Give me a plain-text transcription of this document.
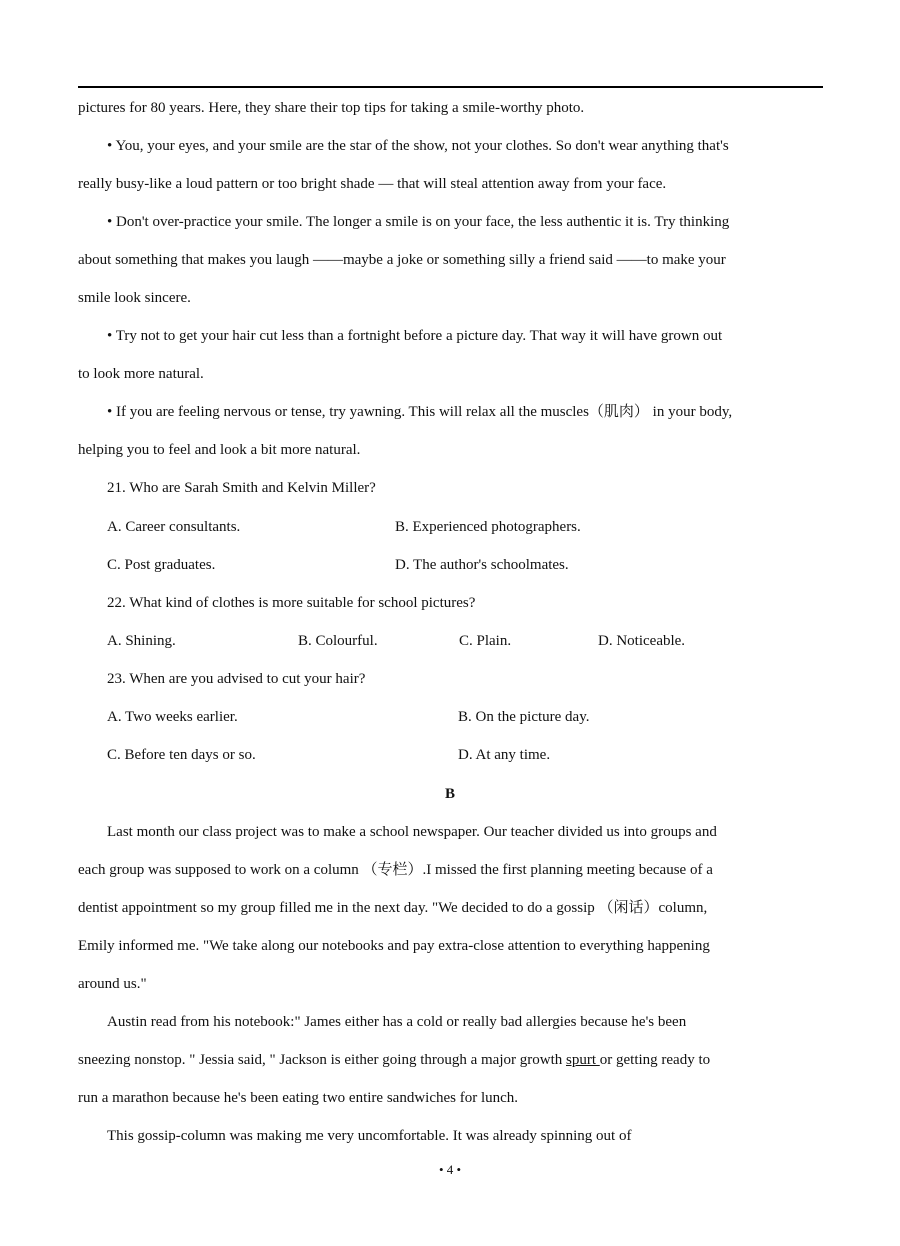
pictures for 80 years. Here, they share their top tips for taking a smile-worthy photo.
• You, your eyes, and your smile are the star of the show, not your clothes. So don't wear anything that's
really busy-like a loud pattern or too bright shade — that will steal attention away from your face.
• Don't over-practice your smile. The longer a smile is on your face, the less authentic it is. Try thinking
about something that makes you laugh ——maybe a joke or something silly a friend said ——to make your
smile look sincere.
• Try not to get your hair cut less than a fortnight before a picture day. That way it will have grown out
to look more natural.
• If you are feeling nervous or tense, try yawning. This will relax all the muscles（肌肉） in your body,
helping you to feel and look a bit more natural.
21. Who are Sarah Smith and Kelvin Miller?
A. Career consultants.	B. Experienced photographers.
C. Post graduates.	D. The author's schoolmates.
22. What kind of clothes is more suitable for school pictures?
A. Shining.	B. Colourful.	C. Plain.	D. Noticeable.
23. When are you advised to cut your hair?
A. Two weeks earlier.	B. On the picture day.
C. Before ten days or so.	D. At any time.
B
Last month our class project was to make a school newspaper. Our teacher divided us into groups and
each group was supposed to work on a column （专栏）.I missed the first planning meeting because of a
dentist appointment so my group filled me in the next day. "We decided to do a gossip （闲话）column,
Emily informed me. "We take along our notebooks and pay extra-close attention to everything happening
around us."
Austin read from his notebook:" James either has a cold or really bad allergies because he's been
sneezing nonstop. " Jessia said, " Jackson is either going through a major growth spurt or getting ready to
run a marathon because he's been eating two entire sandwiches for lunch.
This gossip-column was making me very uncomfortable. It was already spinning out of
• 4 •
